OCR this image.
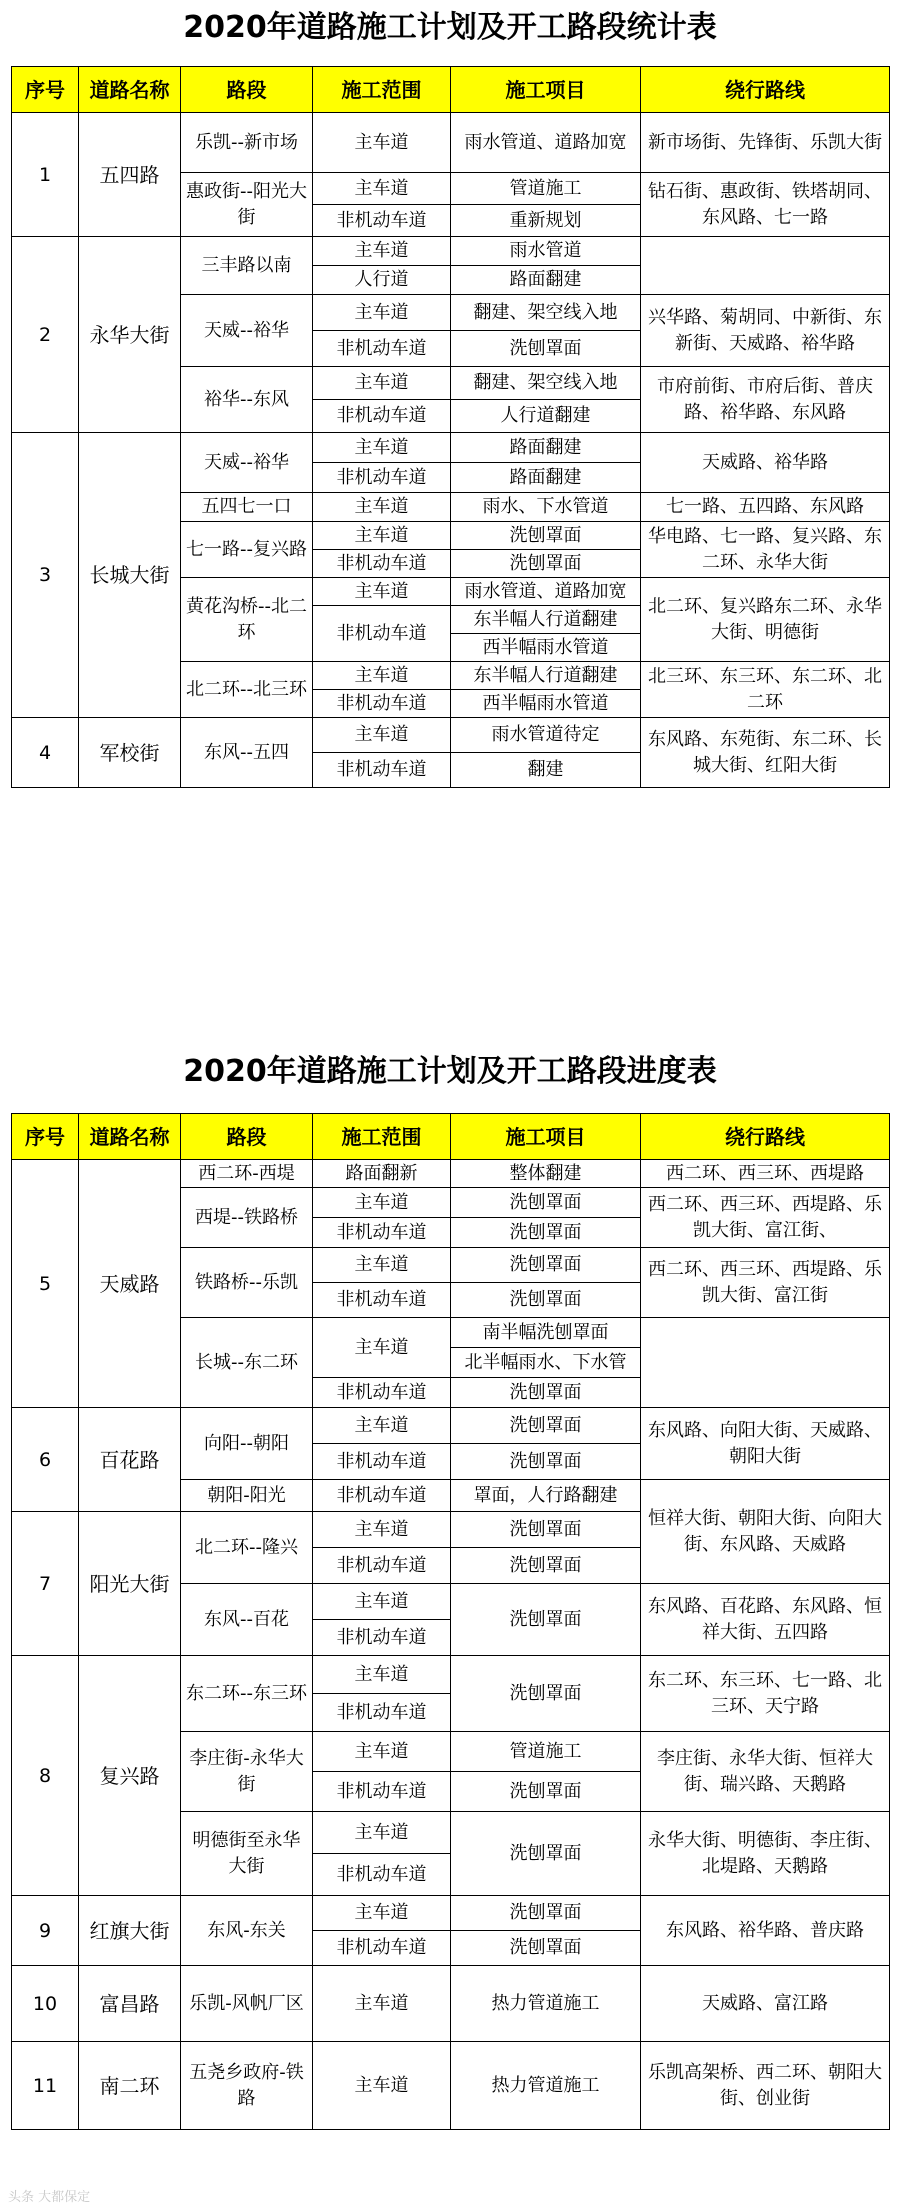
2020年道路施工计划及开工路段统计表
序号	道路名称	路段	施工范围	施工项目	绕行路线
1	五四路	乐凯--新市场	主车道	雨水管道、道路加宽	新市场街、先锋街、乐凯大街
		惠政街--阳光大街	主车道	管道施工	钻石街、惠政街、铁塔胡同、东风路、七一路
			非机动车道	重新规划	
2	永华大街	三丰路以南	主车道	雨水管道	
			人行道	路面翻建	
		天威--裕华	主车道	翻建、架空线入地	兴华路、菊胡同、中新街、东新街、天威路、裕华路
			非机动车道	洗刨罩面	
		裕华--东风	主车道	翻建、架空线入地	市府前街、市府后街、普庆路、裕华路、东风路
			非机动车道	人行道翻建	
3	长城大街	天威--裕华	主车道	路面翻建	天威路、裕华路
			非机动车道	路面翻建	
		五四七一口	主车道	雨水、下水管道	七一路、五四路、东风路
		七一路--复兴路	主车道	洗刨罩面	华电路、七一路、复兴路、东二环、永华大街
			非机动车道	洗刨罩面	
		黄花沟桥--北二环	主车道	雨水管道、道路加宽	北二环、复兴路东二环、永华大街、明德街
			非机动车道	东半幅人行道翻建	
				西半幅雨水管道	
		北二环--北三环	主车道	东半幅人行道翻建	北三环、东三环、东二环、北二环
			非机动车道	西半幅雨水管道	
4	军校街	东风--五四	主车道	雨水管道待定	东风路、东苑街、东二环、长城大街、红阳大街
			非机动车道	翻建	
2020年道路施工计划及开工路段进度表
序号	道路名称	路段	施工范围	施工项目	绕行路线
5	天威路	西二环-西堤	路面翻新	整体翻建	西二环、西三环、西堤路
		西堤--铁路桥	主车道	洗刨罩面	西二环、西三环、西堤路、乐凯大街、富江街、
			非机动车道	洗刨罩面	
		铁路桥--乐凯	主车道	洗刨罩面	西二环、西三环、西堤路、乐凯大街、富江街
			非机动车道	洗刨罩面	
		长城--东二环	主车道	南半幅洗刨罩面	
				北半幅雨水、下水管	
			非机动车道	洗刨罩面	

6	百花路	向阳--朝阳	主车道	洗刨罩面	东风路、向阳大街、天威路、朝阳大街
			非机动车道	洗刨罩面	
		朝阳-阳光	非机动车道	罩面，人行路翻建	恒祥大街、朝阳大街、向阳大街、东风路、天威路
7	阳光大街	北二环--隆兴	主车道	洗刨罩面	
			非机动车道	洗刨罩面	
		东风--百花	主车道	洗刨罩面	东风路、百花路、东风路、恒祥大街、五四路
			非机动车道		
8	复兴路	东二环--东三环	主车道	洗刨罩面	东二环、东三环、七一路、北三环、天宁路
			非机动车道		
		李庄街-永华大街	主车道	管道施工	李庄街、永华大街、恒祥大街、瑞兴路、天鹅路
			非机动车道	洗刨罩面	
		明德街至永华大街	主车道	洗刨罩面	永华大街、明德街、李庄街、北堤路、天鹅路
			非机动车道		
9	红旗大街	东风-东关	主车道	洗刨罩面	东风路、裕华路、普庆路
			非机动车道	洗刨罩面	
10	富昌路	乐凯-风帆厂区	主车道	热力管道施工	天威路、富江路
11	南二环	五尧乡政府-铁路	主车道	热力管道施工	乐凯高架桥、西二环、朝阳大街、创业街
头条 大都保定
